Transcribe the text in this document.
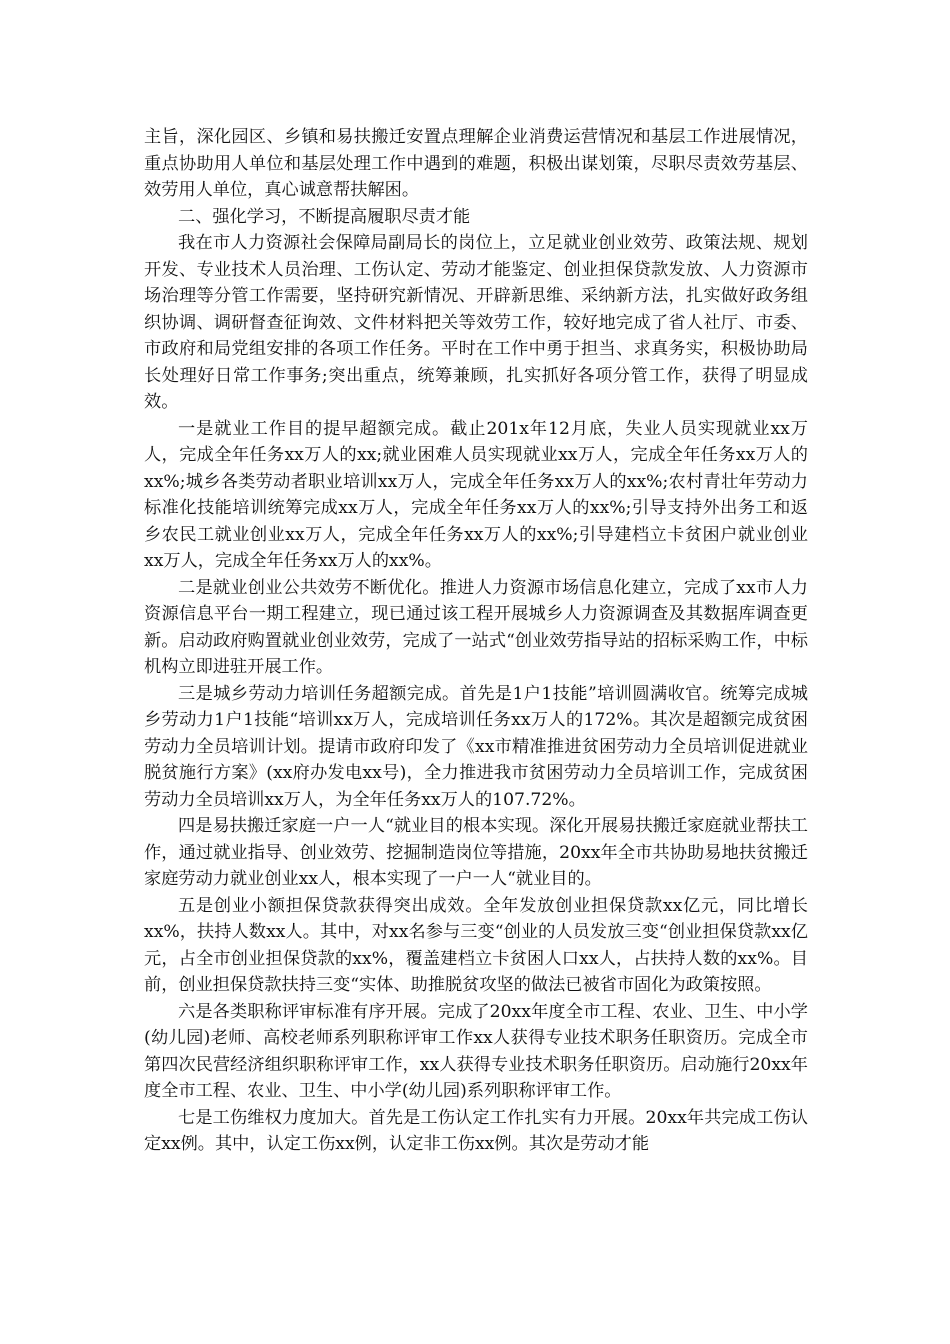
主旨，深化园区、乡镇和易扶搬迁安置点理解企业消费运营情况和基层工作进展情况，重点协助用人单位和基层处理工作中遇到的难题，积极出谋划策，尽职尽责效劳基层、效劳用人单位，真心诚意帮扶解困。

二、强化学习，不断提高履职尽责才能

我在市人力资源社会保障局副局长的岗位上，立足就业创业效劳、政策法规、规划开发、专业技术人员治理、工伤认定、劳动才能鉴定、创业担保贷款发放、人力资源市场治理等分管工作需要，坚持研究新情况、开辟新思维、采纳新方法，扎实做好政务组织协调、调研督查征询效、文件材料把关等效劳工作，较好地完成了省人社厅、市委、市政府和局党组安排的各项工作任务。平时在工作中勇于担当、求真务实，积极协助局长处理好日常工作事务;突出重点，统筹兼顾，扎实抓好各项分管工作，获得了明显成效。

一是就业工作目的提早超额完成。截止201x年12月底，失业人员实现就业xx万人，完成全年任务xx万人的xx;就业困难人员实现就业xx万人，完成全年任务xx万人的xx%;城乡各类劳动者职业培训xx万人，完成全年任务xx万人的xx%;农村青壮年劳动力标准化技能培训统筹完成xx万人，完成全年任务xx万人的xx%;引导支持外出务工和返乡农民工就业创业xx万人，完成全年任务xx万人的xx%;引导建档立卡贫困户就业创业xx万人，完成全年任务xx万人的xx%。

二是就业创业公共效劳不断优化。推进人力资源市场信息化建立，完成了xx市人力资源信息平台一期工程建立，现已通过该工程开展城乡人力资源调查及其数据库调查更新。启动政府购置就业创业效劳，完成了一站式“创业效劳指导站的招标采购工作，中标机构立即进驻开展工作。

三是城乡劳动力培训任务超额完成。首先是1户1技能”培训圆满收官。统筹完成城乡劳动力1户1技能“培训xx万人，完成培训任务xx万人的172%。其次是超额完成贫困劳动力全员培训计划。提请市政府印发了《xx市精准推进贫困劳动力全员培训促进就业脱贫施行方案》(xx府办发电xx号)，全力推进我市贫困劳动力全员培训工作，完成贫困劳动力全员培训xx万人，为全年任务xx万人的107.72%。

四是易扶搬迁家庭一户一人“就业目的根本实现。深化开展易扶搬迁家庭就业帮扶工作，通过就业指导、创业效劳、挖掘制造岗位等措施，20xx年全市共协助易地扶贫搬迁家庭劳动力就业创业xx人，根本实现了一户一人“就业目的。

五是创业小额担保贷款获得突出成效。全年发放创业担保贷款xx亿元，同比增长xx%，扶持人数xx人。其中，对xx名参与三变“创业的人员发放三变“创业担保贷款xx亿元，占全市创业担保贷款的xx%，覆盖建档立卡贫困人口xx人，占扶持人数的xx%。目前，创业担保贷款扶持三变“实体、助推脱贫攻坚的做法已被省市固化为政策按照。

六是各类职称评审标准有序开展。完成了20xx年度全市工程、农业、卫生、中小学(幼儿园)老师、高校老师系列职称评审工作xx人获得专业技术职务任职资历。完成全市第四次民营经济组织职称评审工作，xx人获得专业技术职务任职资历。启动施行20xx年度全市工程、农业、卫生、中小学(幼儿园)系列职称评审工作。

七是工伤维权力度加大。首先是工伤认定工作扎实有力开展。20xx年共完成工伤认定xx例。其中，认定工伤xx例，认定非工伤xx例。其次是劳动才能
